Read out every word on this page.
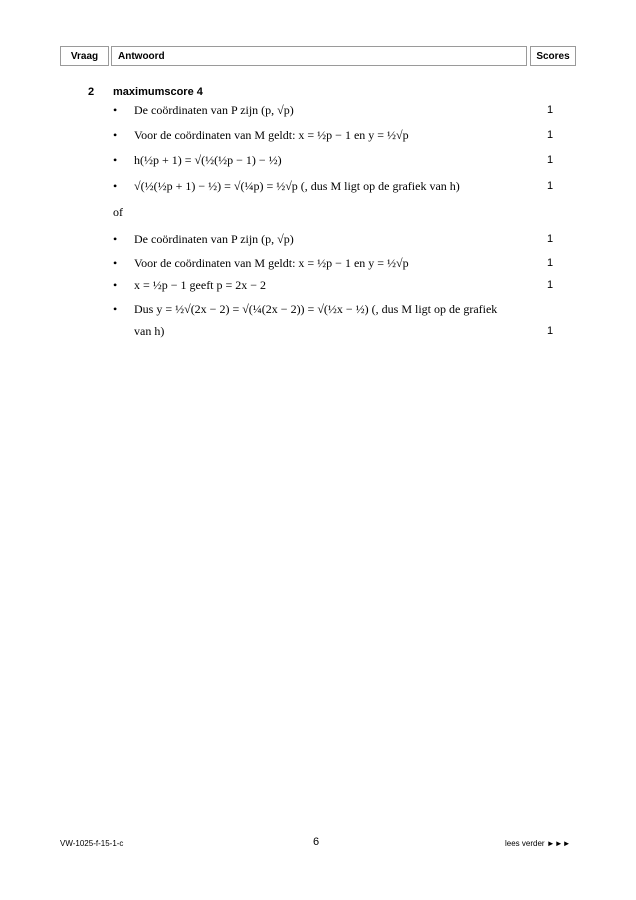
Vraag	Antwoord	Scores
2 maximumscore 4
• De coördinaten van P zijn (p, √p)	1
• Voor de coördinaten van M geldt: x = ½p − 1 en y = ½√p	1
• h(½p + 1) = √(½(½p − 1) − ½)	1
• √(½(½p + 1) − ½) = √(¼p) = ½√p (, dus M ligt op de grafiek van h)	1
of
• De coördinaten van P zijn (p, √p)	1
• Voor de coördinaten van M geldt: x = ½p − 1 en y = ½√p	1
• x = ½p − 1 geeft p = 2x − 2	1
• Dus y = ½√(2x − 2) = √(¼(2x − 2)) = √(½x − ½) (, dus M ligt op de grafiek
van h)	1
VW-1025-f-15-1-c	6	lees verder ►►►
